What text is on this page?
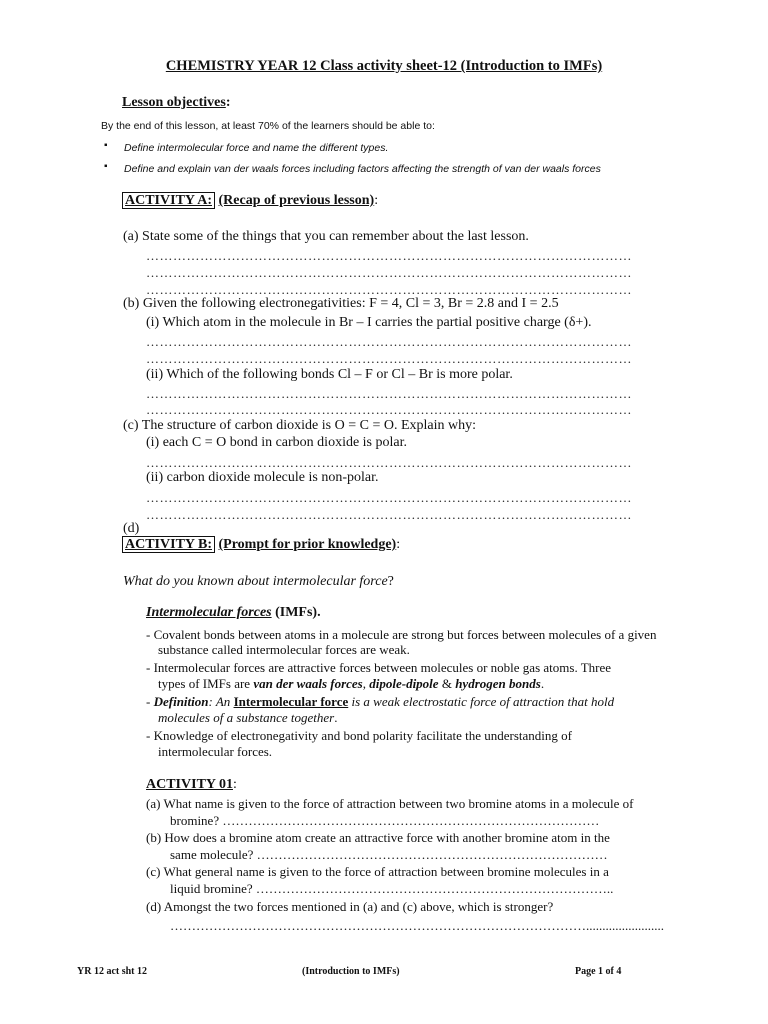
CHEMISTRY YEAR 12 Class activity sheet-12 (Introduction to IMFs)
Lesson objectives:
By the end of this lesson, at least 70% of the learners should be able to:
▪ Define intermolecular force and name the different types.
▪ Define and explain van der waals forces including factors affecting the strength of van der waals forces
ACTIVITY A: (Recap of previous lesson):
(a) State some of the things that you can remember about the last lesson.
………………………………………………………………………………………………
………………………………………………………………………………………………
………………………………………………………………………………………………
(b) Given the following electronegativities: F = 4, Cl = 3, Br = 2.8 and I = 2.5
(i) Which atom in the molecule in Br – I carries the partial positive charge (δ+).
………………………………………………………………………………………………
………………………………………………………………………………………………
(ii) Which of the following bonds Cl – F or Cl – Br is more polar.
………………………………………………………………………………………………
………………………………………………………………………………………………
(c) The structure of carbon dioxide is O = C = O. Explain why:
(i) each C = O bond in carbon dioxide is polar.
………………………………………………………………………………………………
(ii) carbon dioxide molecule is non-polar.
………………………………………………………………………………………………
………………………………………………………………………………………………
(d)
ACTIVITY B: (Prompt for prior knowledge):
What do you known about intermolecular force?
Intermolecular forces (IMFs).
- Covalent bonds between atoms in a molecule are strong but forces between molecules of a given
substance called intermolecular forces are weak.
- Intermolecular forces are attractive forces between molecules or noble gas atoms. Three
types of IMFs are van der waals forces, dipole-dipole & hydrogen bonds.
- Definition: An Intermolecular force is a weak electrostatic force of attraction that hold
molecules of a substance together.
- Knowledge of electronegativity and bond polarity facilitate the understanding of
intermolecular forces.
ACTIVITY 01:
(a) What name is given to the force of attraction between two bromine atoms in a molecule of
bromine? ……………………………………………………………………………
(b) How does a bromine atom create an attractive force with another bromine atom in the
same molecule? ………………………………………………………………………
(c) What general name is given to the force of attraction between bromine molecules in a
liquid bromine? ………………………………………………………………………..
(d) Amongst the two forces mentioned in (a) and (c) above, which is stronger?
……………………………………………………………………………………........................
YR 12 act sht 12	(Introduction to IMFs)	Page 1 of 4
